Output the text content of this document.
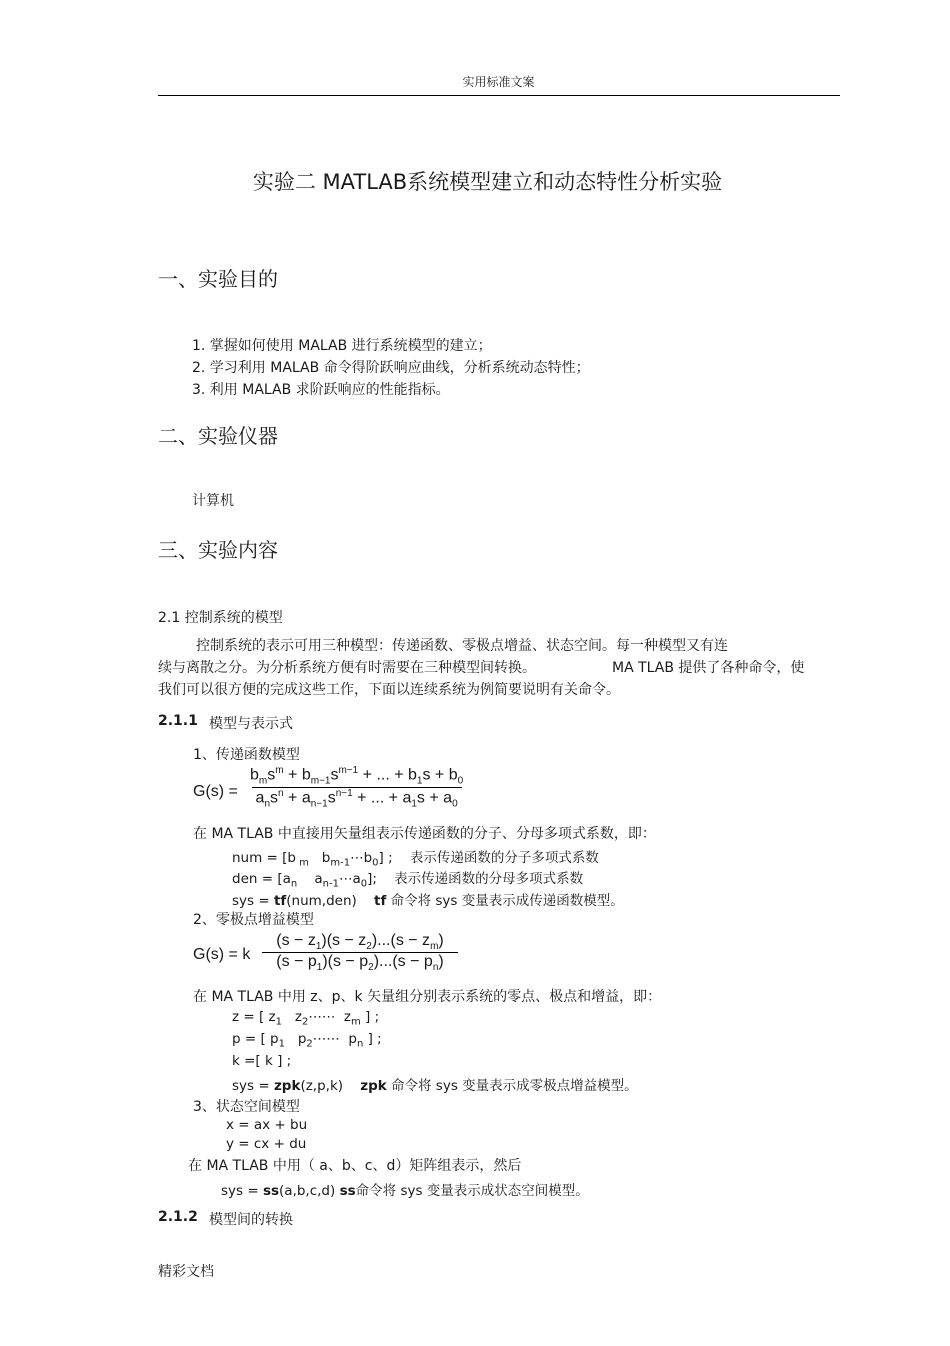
实用标准文案
实验二 MATLAB系统模型建立和动态特性分析实验
一、实验目的
1. 掌握如何使用 MALAB 进行系统模型的建立；
2. 学习利用 MALAB 命令得阶跃响应曲线，分析系统动态特性；
3. 利用 MALAB 求阶跃响应的性能指标。
二、实验仪器
计算机
三、实验内容
2.1 控制系统的模型
控制系统的表示可用三种模型：传递函数、零极点增益、状态空间。每一种模型又有连
续与离散之分。为分析系统方便有时需要在三种模型间转换。	MA TLAB 提供了各种命令，使
我们可以很方便的完成这些工作，下面以连续系统为例简要说明有关命令。
2.1.1 模型与表示式
1、传递函数模型
G(s) =
$b_ms^m + b_{m-1}s^{m-1}$ + ... + $b_1s + b_0$
$a_ns^n + a_{n-1}s^{n-1}$ + ... + $a_1s + a_0$
在 MA TLAB 中直接用矢量组表示传递函数的分子、分母多项式系数，即：
num = [b $_m$   $b_{m-1}\cdots b_0$] ;    表示传递函数的分子多项式系数
den = [$a_n$    $a_{n-1}\cdots a_0$];    表示传递函数的分母多项式系数
sys = tf(num,den) tf 命令将 sys 变量表示成传递函数模型。
2、零极点增益模型
G(s) = k
$(s - z_1)(s - z_2)...(s - z_m)$
$(s - p_1)(s - p_2)...(s - p_n)$
在 MA TLAB 中用 z、p、k 矢量组分别表示系统的零点、极点和增益，即：
z = [ $z_1$   $z_2\cdots\cdots$  $z_m$ ] ;
p = [ $p_1$   $p_2\cdots\cdots$  $p_n$ ] ;
k =[ k ] ;
sys = zpk(z,p,k) zpk 命令将 sys 变量表示成零极点增益模型。
3、状态空间模型
x = ax + bu
y = cx + du
在 MA TLAB 中用（ a、b、c、d）矩阵组表示，然后
sys = ss(a,b,c,d) ss命令将 sys 变量表示成状态空间模型。
2.1.2 模型间的转换
精彩文档
